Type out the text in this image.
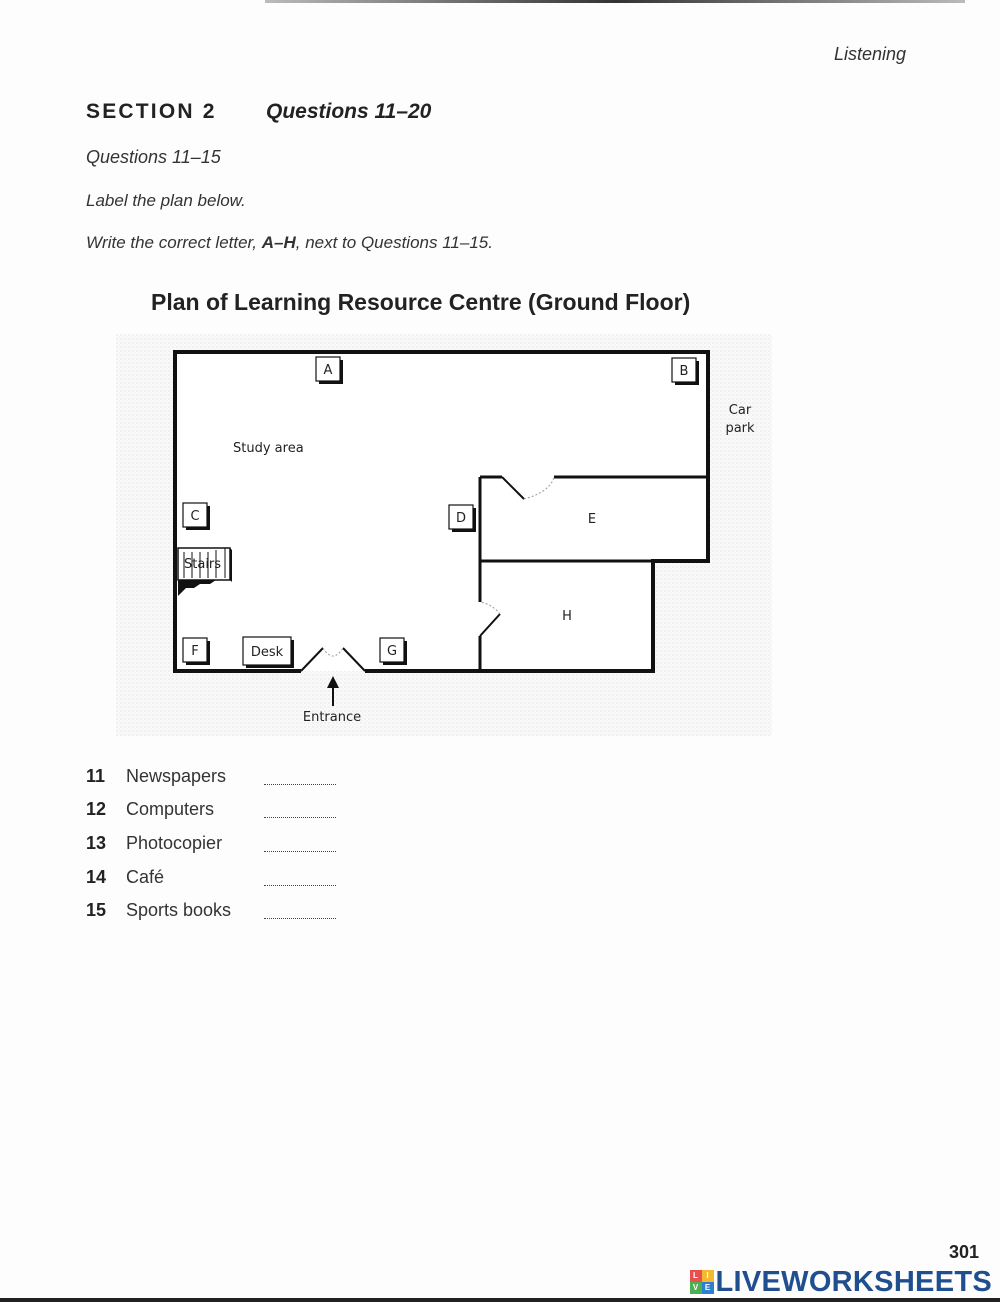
Listening
SECTION 2 Questions 11–20
Questions 11–15
Label the plan below.
Write the correct letter, A–H, next to Questions 11–15.
Plan of Learning Resource Centre (Ground Floor)
A	B
C	D
F	Desk	G
Study area
Car
park
E
H
Stairs
Entrance
11 Newspapers
12 Computers
13 Photocopier
14 Café
15 Sports books
301
L	I
V E LIVEWORKSHEETS
